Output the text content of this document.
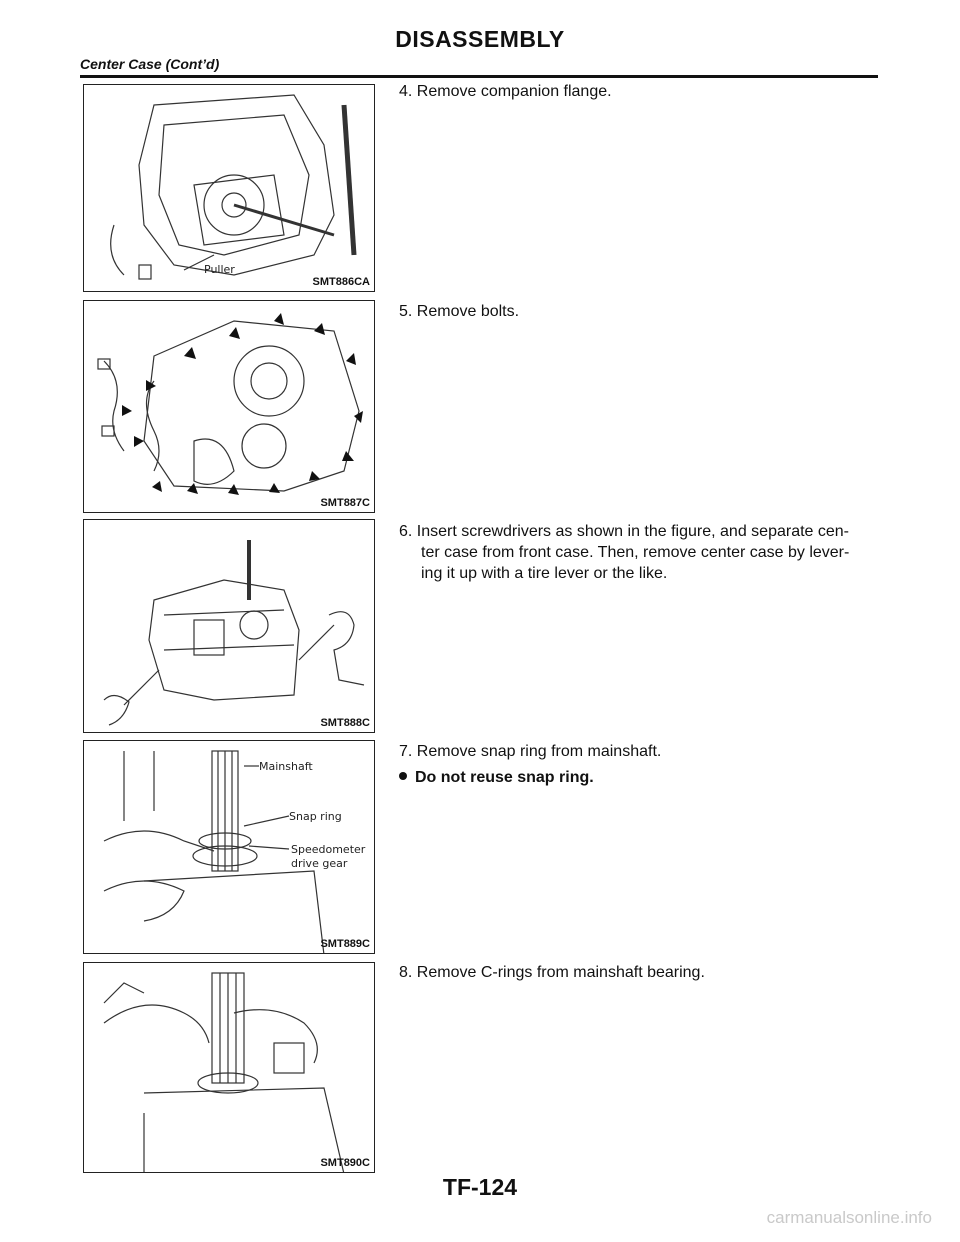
DISASSEMBLY
Center Case (Cont’d)
Puller
SMT886CA
4. Remove companion flange.
SMT887C
5. Remove bolts.
SMT888C
6. Insert screwdrivers as shown in the figure, and separate cen-
ter case from front case. Then, remove center case by lever-
ing it up with a tire lever or the like.
Mainshaft
Snap ring
Speedometer
drive gear
SMT889C
7. Remove snap ring from mainshaft.
Do not reuse snap ring.
SMT890C
8. Remove C-rings from mainshaft bearing.
TF-124
carmanualsonline.info
